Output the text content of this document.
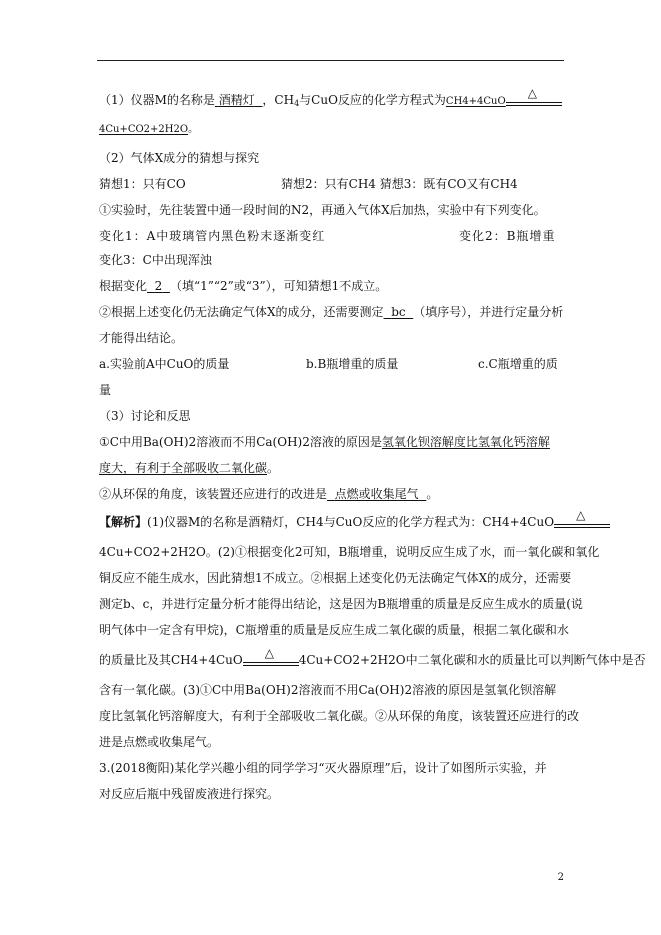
（1）仪器M的名称是 酒精灯 ，$CH_4$与CuO反应的化学方程式为CH4+4CuO
△
4Cu+CO2+2H2O。
（2）气体X成分的猜想与探究
猜想1：只有CO	猜想2：只有CH4 猜想3：既有CO又有CH4
①实验时，先往装置中通一段时间的N2，再通入气体X后加热，实验中有下列变化。
变化1：A中玻璃管内黑色粉末逐渐变红	变化2：B瓶增重
变化3：C中出现浑浊
根据变化 2 （填“1”“2”或“3”），可知猜想1不成立。
②根据上述变化仍无法确定气体X的成分，还需要测定 bc （填序号），并进行定量分析
才能得出结论。
a.实验前A中CuO的质量	b.B瓶增重的质量	c.C瓶增重的质
量
（3）讨论和反思
①C中用Ba(OH)2溶液而不用Ca(OH)2溶液的原因是氢氧化钡溶解度比氢氧化钙溶解
度大，有利于全部吸收二氧化碳。
②从环保的角度，该装置还应进行的改进是 点燃或收集尾气 。
【解析】(1)仪器M的名称是酒精灯，CH4与CuO反应的化学方程式为：CH4+4CuO
△
4Cu+CO2+2H2O。(2)①根据变化2可知，B瓶增重，说明反应生成了水，而一氧化碳和氧化
铜反应不能生成水，因此猜想1不成立。②根据上述变化仍无法确定气体X的成分，还需要
测定b、c，并进行定量分析才能得出结论，这是因为B瓶增重的质量是反应生成水的质量(说
明气体中一定含有甲烷)，C瓶增重的质量是反应生成二氧化碳的质量，根据二氧化碳和水
的质量比及其CH4+4CuO
△
4Cu+CO2+2H2O中二氧化碳和水的质量比可以判断气体中是否
含有一氧化碳。(3)①C中用Ba(OH)2溶液而不用Ca(OH)2溶液的原因是氢氧化钡溶解
度比氢氧化钙溶解度大，有利于全部吸收二氧化碳。②从环保的角度，该装置还应进行的改
进是点燃或收集尾气。
3.(2018衡阳)某化学兴趣小组的同学学习“灭火器原理”后，设计了如图所示实验，并
对反应后瓶中残留废液进行探究。
2
